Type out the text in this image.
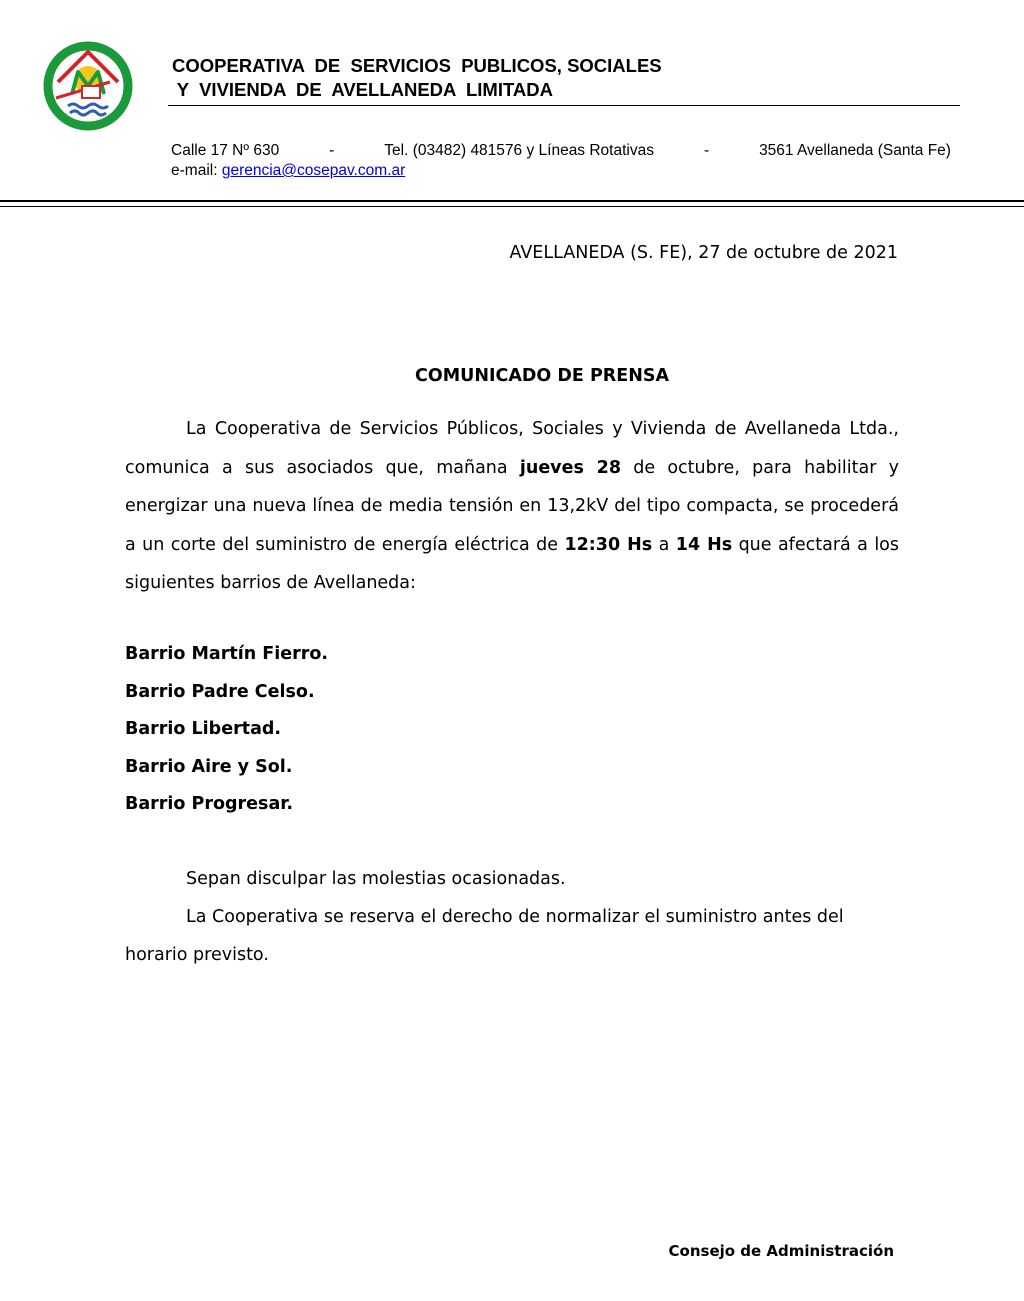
COOPERATIVA  DE  SERVICIOS  PUBLICOS, SOCIALES
Y  VIVIENDA  DE  AVELLANEDA  LIMITADA
Calle 17 Nº 630	-	Tel. (03482) 481576 y Líneas Rotativas	-	3561 Avellaneda (Santa Fe)
e-mail: gerencia@cosepav.com.ar
AVELLANEDA (S. FE), 27 de octubre de 2021
COMUNICADO DE PRENSA

La Cooperativa de Servicios Públicos, Sociales y Vivienda de Avellaneda Ltda., comunica a sus asociados que, mañana jueves 28 de octubre, para habilitar y energizar una nueva línea de media tensión en 13,2kV del tipo compacta, se procederá a un corte del suministro de energía eléctrica de 12:30 Hs a 14 Hs que afectará a los siguientes barrios de Avellaneda:

Barrio Martín Fierro.
Barrio Padre Celso.
Barrio Libertad.
Barrio Aire y Sol.
Barrio Progresar.

Sepan disculpar las molestias ocasionadas.

La Cooperativa se reserva el derecho de normalizar el suministro antes del horario previsto.

Consejo de Administración
